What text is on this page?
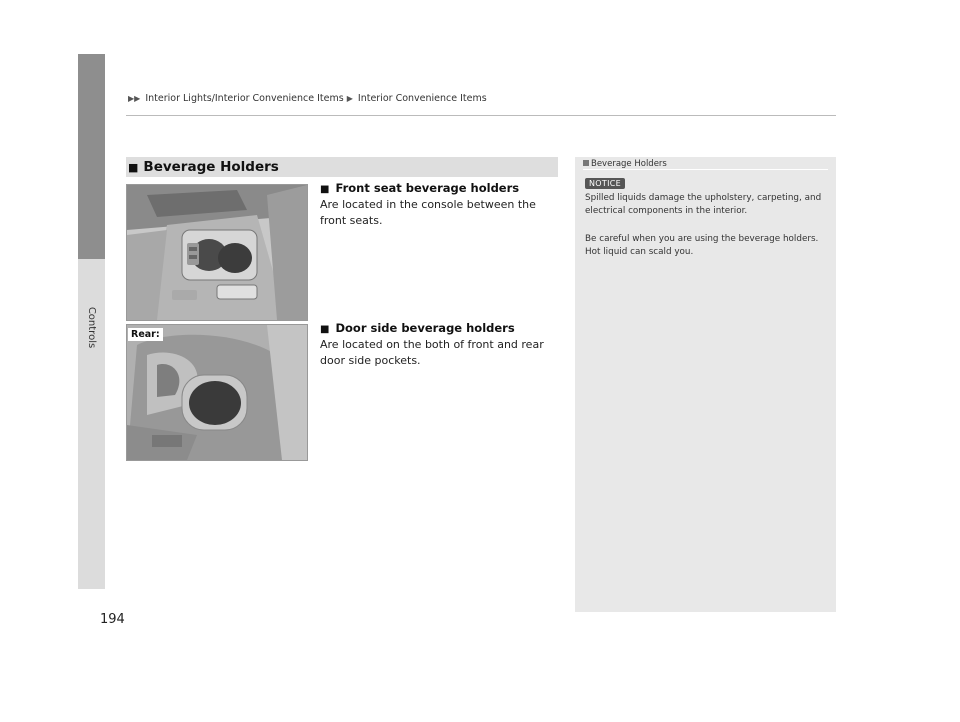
Controls
▶▶ Interior Lights/Interior Convenience Items ▶ Interior Convenience Items
■ Beverage Holders
Rear:
■ Front seat beverage holders
Are located in the console between the front seats.
■ Door side beverage holders
Are located on the both of front and rear door side pockets.
Beverage Holders
NOTICE
Spilled liquids damage the upholstery, carpeting, and electrical components in the interior.
Be careful when you are using the beverage holders. Hot liquid can scald you.
194
